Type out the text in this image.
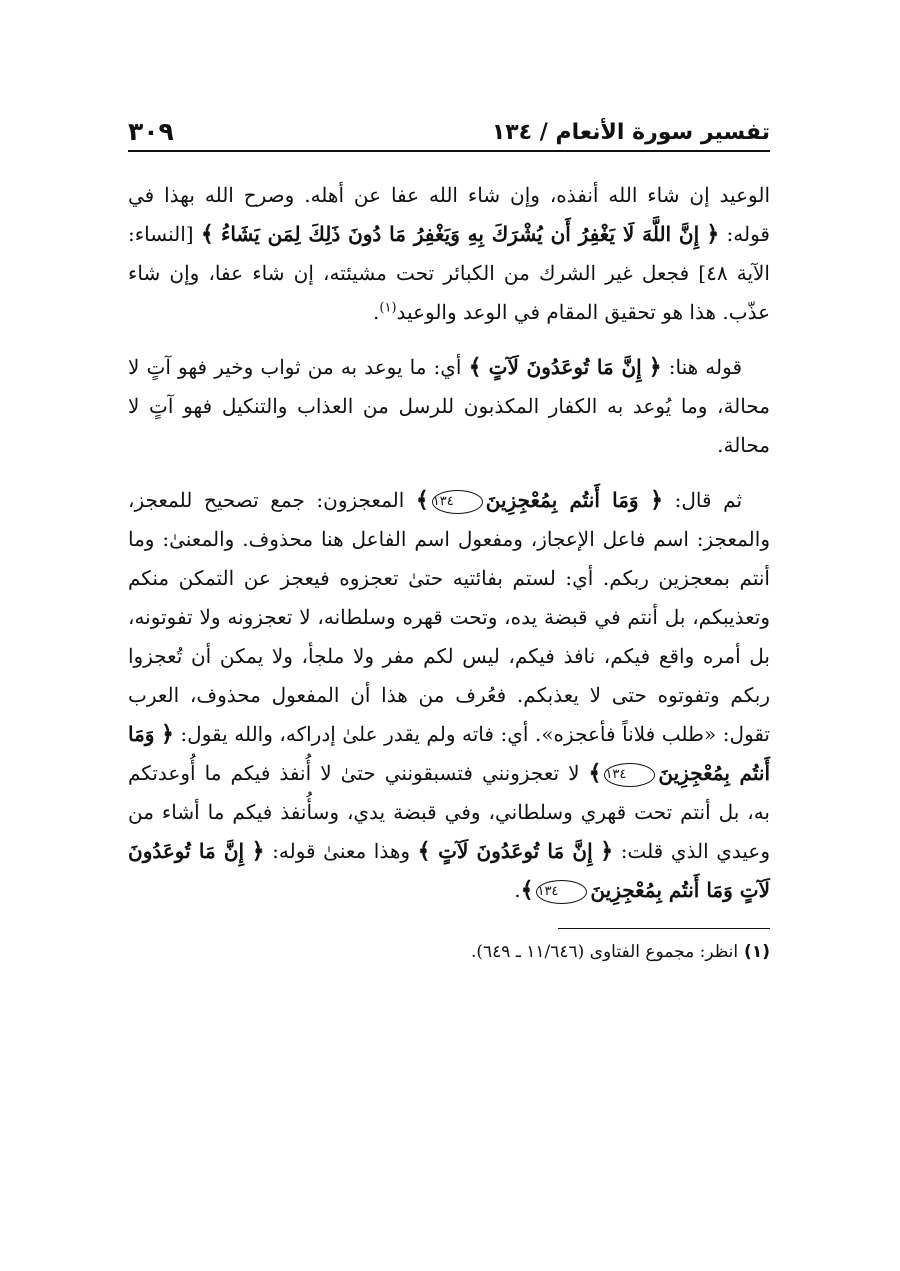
تفسير سورة الأنعام / ١٣٤
٣٠٩

الوعيد إن شاء الله أنفذه، وإن شاء الله عفا عن أهله. وصرح الله بهذا في قوله: ﴿ إِنَّ اللَّهَ لَا يَغْفِرُ أَن يُشْرَكَ بِهِ وَيَغْفِرُ مَا دُونَ ذَلِكَ لِمَن يَشَاءُ ﴾ [النساء: الآية ٤٨] فجعل غير الشرك من الكبائر تحت مشيئته، إن شاء عفا، وإن شاء عذّب. هذا هو تحقيق المقام في الوعد والوعيد$^{(١)}$.

قوله هنا: ﴿ إِنَّ مَا تُوعَدُونَ لَآتٍ ﴾ أي: ما يوعد به من ثواب وخير فهو آتٍ لا محالة، وما يُوعد به الكفار المكذبون للرسل من العذاب والتنكيل فهو آتٍ لا محالة.

ثم قال: ﴿ وَمَا أَنتُم بِمُعْجِزِينَ١٣٤﴾ المعجزون: جمع تصحيح للمعجز، والمعجز: اسم فاعل الإعجاز، ومفعول اسم الفاعل هنا محذوف. والمعنىٰ: وما أنتم بمعجزين ربكم. أي: لستم بفائتيه حتىٰ تعجزوه فيعجز عن التمكن منكم وتعذيبكم، بل أنتم في قبضة يده، وتحت قهره وسلطانه، لا تعجزونه ولا تفوتونه، بل أمره واقع فيكم، نافذ فيكم، ليس لكم مفر ولا ملجأ، ولا يمكن أن تُعجزوا ربكم وتفوتوه حتى لا يعذبكم. فعُرف من هذا أن المفعول محذوف، العرب تقول: «طلب فلاناً فأعجزه». أي: فاته ولم يقدر علىٰ إدراكه، والله يقول: ﴿ وَمَا أَنتُم بِمُعْجِزِينَ١٣٤﴾ لا تعجزونني فتسبقونني حتىٰ لا أُنفذ فيكم ما أُوعدتكم به، بل أنتم تحت قهري وسلطاني، وفي قبضة يدي، وسأُنفذ فيكم ما أشاء من وعيدي الذي قلت: ﴿ إِنَّ مَا تُوعَدُونَ لَآتٍ ﴾ وهذا معنىٰ قوله: ﴿ إِنَّ مَا تُوعَدُونَ لَآتٍ وَمَا أَنتُم بِمُعْجِزِينَ١٣٤﴾.

(١) انظر: مجموع الفتاوى (١١/٦٤٦ ـ ٦٤٩).
